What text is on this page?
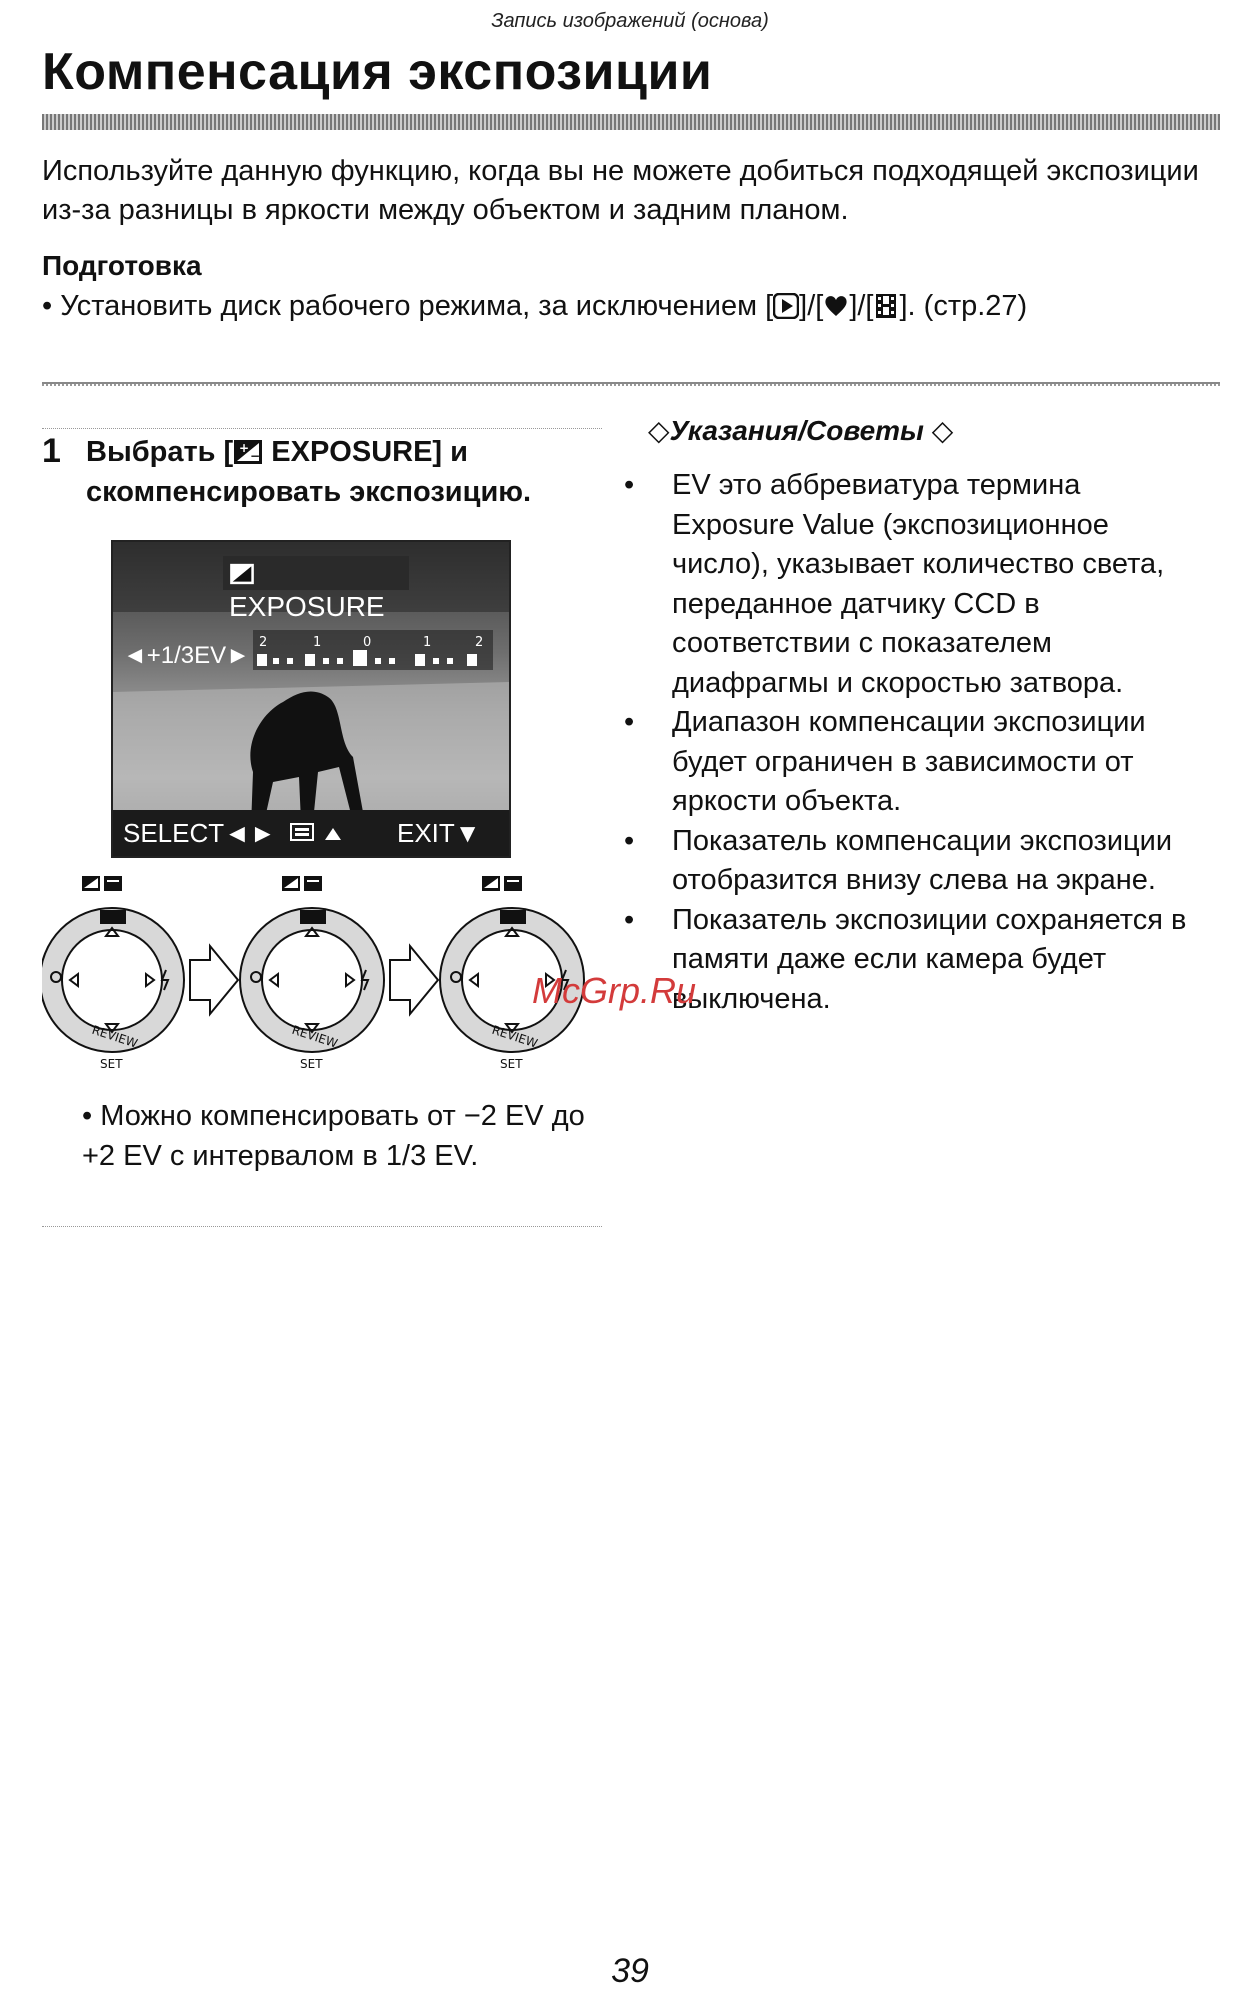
Запись изображений (основа)
Компенсация экспозиции
Используйте данную функцию, когда вы не можете добиться подходящей экспозиции из-за разницы в яркости между объектом и задним планом.
Подготовка
• Установить диск рабочего режима, за исключением [ ]/[ ]/[ ]. (стр.27)
1 Выбрать [ +
− EXPOSURE] и скомпенсировать экспозицию.
EXPOSURE
◄+1/3EV► 2	1	0	1	2
SELECT◄►	EXIT▼
• Можно компенсировать от −2 EV до +2 EV с интервалом в 1/3 EV.
◇Указания/Советы ◇
• EV это аббревиатура термина Exposure Value (экспозиционное число), указывает количество света, переданное датчику CCD в соответствии с показателем диафрагмы и скоростью затвора.
• Диапазон компенсации экспозиции будет ограничен в зависимости от яркости объекта.
• Показатель компенсации экспозиции отобразится внизу слева на экране.
• Показатель экспозиции сохраняется в памяти даже если камера будет выключена.
McGrp.Ru
39
